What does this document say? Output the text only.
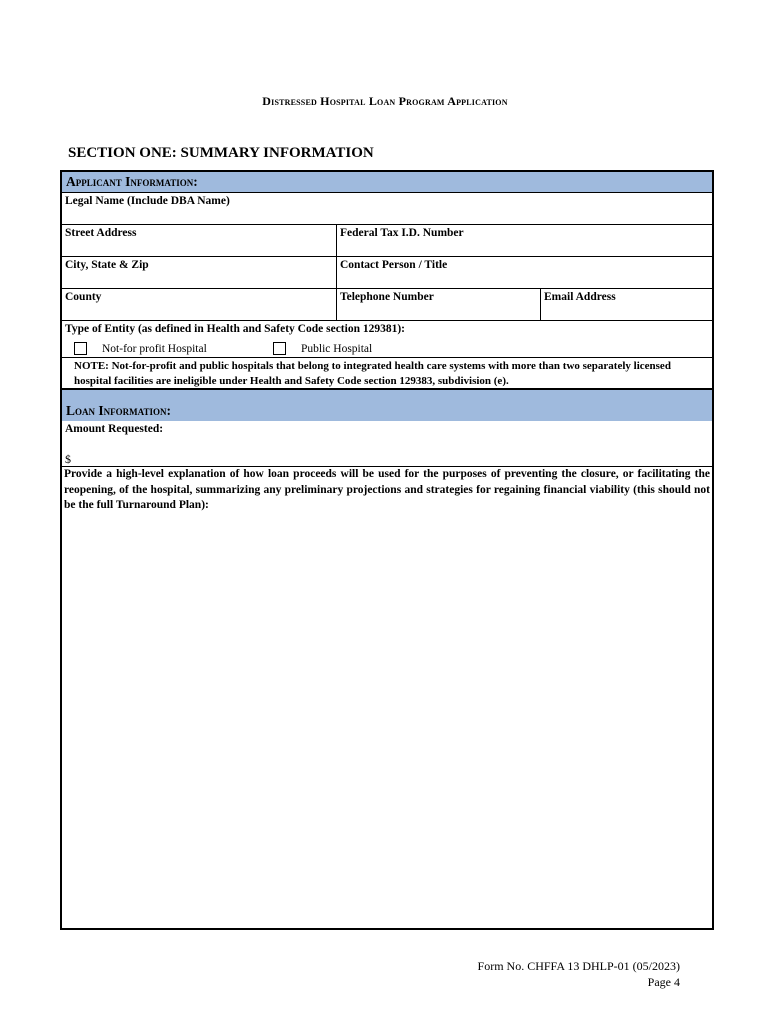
Distressed Hospital Loan Program Application
SECTION ONE: SUMMARY INFORMATION
Applicant Information:
Legal Name (Include DBA Name)
Street Address	Federal Tax I.D. Number
City, State & Zip	Contact Person / Title
County	Telephone Number	Email Address
Type of Entity (as defined in Health and Safety Code section 129381):
Not-for profit Hospital	Public Hospital
NOTE: Not-for-profit and public hospitals that belong to integrated health care systems with more than two separately licensed hospital facilities are ineligible under Health and Safety Code section 129383, subdivision (e).
Loan Information:
Amount Requested:
$
Provide a high-level explanation of how loan proceeds will be used for the purposes of preventing the closure, or facilitating the reopening, of the hospital, summarizing any preliminary projections and strategies for regaining financial viability (this should not be the full Turnaround Plan):
Form No. CHFFA 13 DHLP-01 (05/2023)
Page 4
